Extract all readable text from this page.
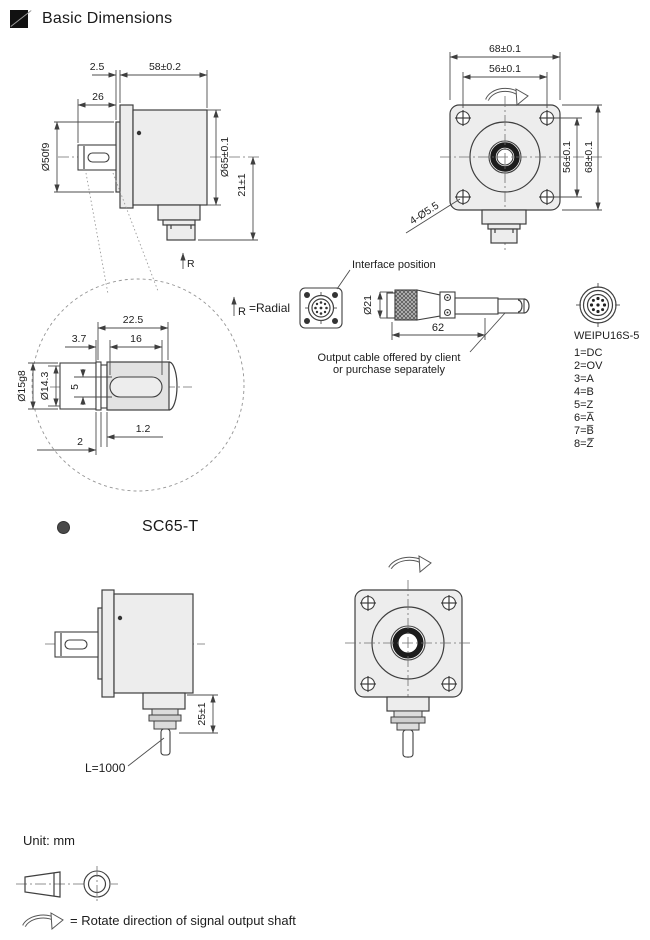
Basic Dimensions
SC65-T
2.5	58±0.2
26
Ø50f9	Ø65±0.1
21±1
R
68±0.1
56±0.1
56±0.1 68±0.1
4-Ø5.5
22.5
16
3.7
Ø15g8 Ø14.3 5
1.2
2
R =Radial
Interface position
Ø21
62
Output cable offered by client
or purchase separately
WEIPU16S-5
1=DC
2=OV
3=A
4=B
5=Z
6=A̅
7=B̅
8=Z̅
25±1
L=1000
Unit: mm
= Rotate direction of signal output shaft
